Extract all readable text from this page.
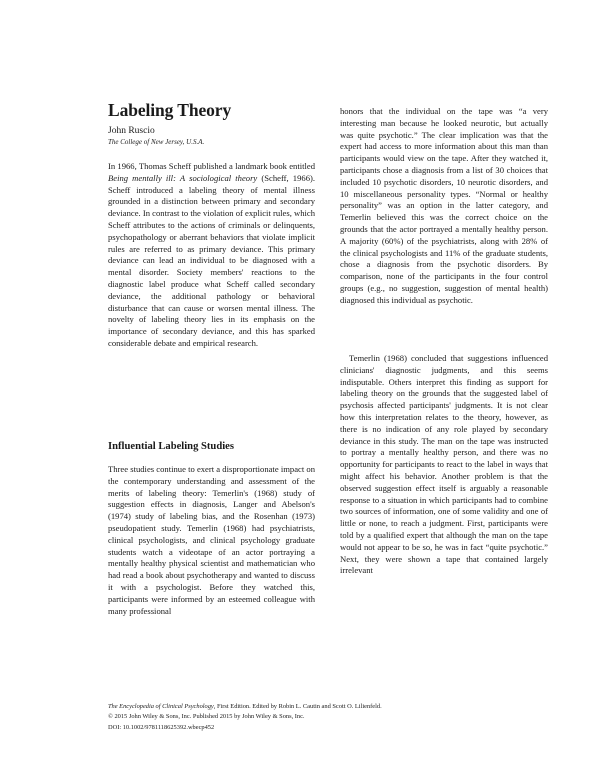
Labeling Theory

John Ruscio

The College of New Jersey, U.S.A.

In 1966, Thomas Scheff published a landmark book entitled Being mentally ill: A sociological theory (Scheff, 1966). Scheff introduced a labeling theory of mental illness grounded in a distinction between primary and secondary deviance. In contrast to the violation of explicit rules, which Scheff attributes to the actions of criminals or delinquents, psychopathology or aberrant behaviors that violate implicit rules are referred to as primary deviance. This primary deviance can lead an individual to be diagnosed with a mental disorder. Society members' reactions to the diagnostic label produce what Scheff called secondary deviance, the additional pathology or behavioral disturbance that can cause or worsen mental illness. The novelty of labeling theory lies in its emphasis on the importance of secondary deviance, and this has sparked considerable debate and empirical research.

Influential Labeling Studies

Three studies continue to exert a disproportionate impact on the contemporary understanding and assessment of the merits of labeling theory: Temerlin's (1968) study of suggestion effects in diagnosis, Langer and Abelson's (1974) study of labeling bias, and the Rosenhan (1973) pseudopatient study. Temerlin (1968) had psychiatrists, clinical psychologists, and clinical psychology graduate students watch a videotape of an actor portraying a mentally healthy physical scientist and mathematician who had read a book about psychotherapy and wanted to discuss it with a psychologist. Before they watched this, participants were informed by an esteemed colleague with many professional

honors that the individual on the tape was “a very interesting man because he looked neurotic, but actually was quite psychotic.” The clear implication was that the expert had access to more information about this man than participants would view on the tape. After they watched it, participants chose a diagnosis from a list of 30 choices that included 10 psychotic disorders, 10 neurotic disorders, and 10 miscellaneous personality types. “Normal or healthy personality” was an option in the latter category, and Temerlin believed this was the correct choice on the grounds that the actor portrayed a mentally healthy person. A majority (60%) of the psychiatrists, along with 28% of the clinical psychologists and 11% of the graduate students, chose a diagnosis from the psychotic disorders. By comparison, none of the participants in the four control groups (e.g., no suggestion, suggestion of mental health) diagnosed this individual as psychotic.

Temerlin (1968) concluded that suggestions influenced clinicians' diagnostic judgments, and this seems indisputable. Others interpret this finding as support for labeling theory on the grounds that the suggested label of psychosis affected participants' judgments. It is not clear how this interpretation relates to the theory, however, as there is no indication of any role played by secondary deviance in this study. The man on the tape was instructed to portray a mentally healthy person, and there was no opportunity for participants to react to the label in ways that might affect his behavior. Another problem is that the observed suggestion effect itself is arguably a reasonable response to a situation in which participants had to combine two sources of information, one of some validity and one of little or none, to reach a judgment. First, participants were told by a qualified expert that although the man on the tape would not appear to be so, he was in fact “quite psychotic.” Next, they were shown a tape that contained largely irrelevant

The Encyclopedia of Clinical Psychology, First Edition. Edited by Robin L. Cautin and Scott O. Lilienfeld.
© 2015 John Wiley & Sons, Inc. Published 2015 by John Wiley & Sons, Inc.
DOI: 10.1002/9781118625392.wbecp452
